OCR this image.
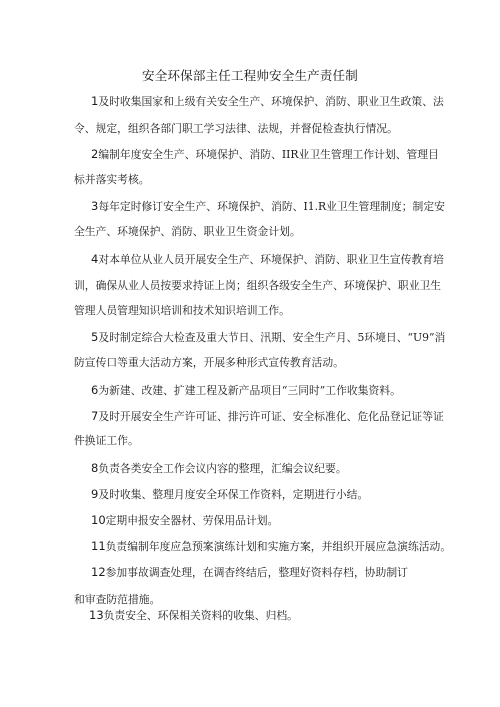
安全环保部主任工程帅安全生产责任制
1及时收集国家和上级有关安全生产、环境保护、消防、职业卫生政策、法
令、规定，组织各部门职工学习法律、法规，并督促检查执行情况。
2编制年度安全生产、环境保护、消防、IIR业卫生管理工作计划、管理目
标并落实考核。
3每年定时修订安全生产、环境保护、消防、I1.R业卫生管理制度；制定安
全生产、环境保护、消防、职业卫生资金计划。
4对本单位从业人员开展安全生产、环境保护、消防、职业卫生宣传教育培
训，确保从业人员按要求持证上岗；组织各级安全生产、环境保护、职业卫生
管理人员管理知识培训和技术知识培训工作。
5及时制定综合大检查及重大节日、汛期、安全生产月、5环境日、“U9”消
防宣传口等重大活动方案，开展多种形式宣传教育活动。
6为新建、改建、扩建工程及新产品项目“三同时”工作收集资料。
7及时开展安全生产许可证、排污许可证、安全标准化、危化品登记证等证
件换证工作。
8负责各类安全工作会议内容的整理，汇编会议纪要。
9及时收集、整理月度安全环保工作资料，定期进行小结。
10定期申报安全器材、劳保用品计划。
11负责编制年度应急预案演练计划和实施方案，并组织开展应急演练活动。
12参加事故调查处理，在调杳终结后，整理好资料存档，协助制订
和审查防范措施。
13负责安全、环保相关资料的收集、归档。
